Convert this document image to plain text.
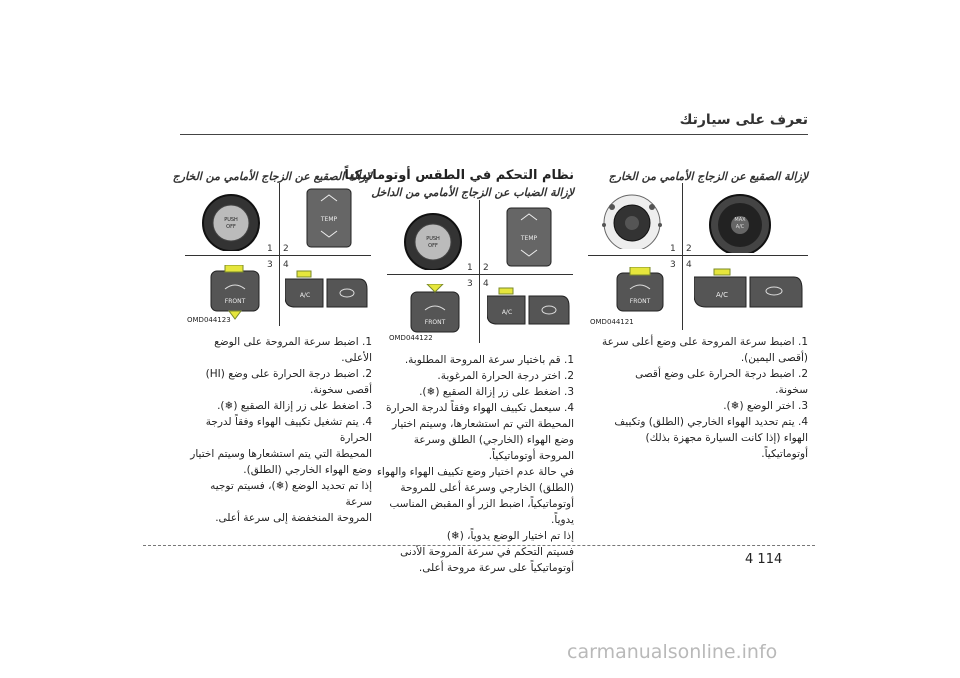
تعرف على سيارتك
لإزالة الصقيع عن الزجاج الأمامي من الخارج
MAX
A/C
1 2
3 4
FRONT
A/C
OMD044121
1. اضبط سرعة المروحة على وضع أعلى سرعة
(أقصى اليمين).
2. اضبط درجة الحرارة على وضع أقصى
سخونة.
3. اختر الوضع (❄).
4. يتم تحديد الهواء الخارجي (الطلق) وتكييف
الهواء (إذا كانت السيارة مجهزة بذلك)
أوتوماتيكياً.
نظام التحكم في الطقس أوتوماتيكياً
لإزالة الضباب عن الزجاج الأمامي من الداخل
PUSH
OFF
TEMP
1 2
3 4
FRONT
A/C
OMD044122
1. قم باختيار سرعة المروحة المطلوبة.
2. اختر درجة الحرارة المرغوبة.
3. اضغط على زر إزالة الصقيع (❄).
4. سيعمل تكييف الهواء وفقاً لدرجة الحرارة
المحيطة التي تم استشعارها، وسيتم اختيار
وضع الهواء (الخارجي) الطلق وسرعة
المروحة أوتوماتيكياً.
في حالة عدم اختيار وضع تكييف الهواء والهواء
(الطلق) الخارجي وسرعة أعلى للمروحة
أوتوماتيكياً، اضبط الزر أو المقبض المناسب يدوياً.
إذا تم اختيار الوضع يدوياً، (❄)
فسيتم التحكم في سرعة المروحة الأدنى
أوتوماتيكياً على سرعة مروحة أعلى.
لإزالة الصقيع عن الزجاج الأمامي من الخارج
PUSH
OFF
TEMP
1 2
3 4
FRONT
A/C
OMD044123
1. اضبط سرعة المروحة على الوضع الأعلى.
2. اضبط درجة الحرارة على وضع (HI)
أقصى سخونة.
3. اضغط على زر إزالة الصقيع (❄).
4. يتم تشغيل تكييف الهواء وفقاً لدرجة الحرارة
المحيطة التي يتم استشعارها وسيتم اختيار
وضع الهواء الخارجي (الطلق).
إذا تم تحديد الوضع (❄)، فسيتم توجيه سرعة
المروحة المنخفضة إلى سرعة أعلى.
4 114
carmanualsonline.info
